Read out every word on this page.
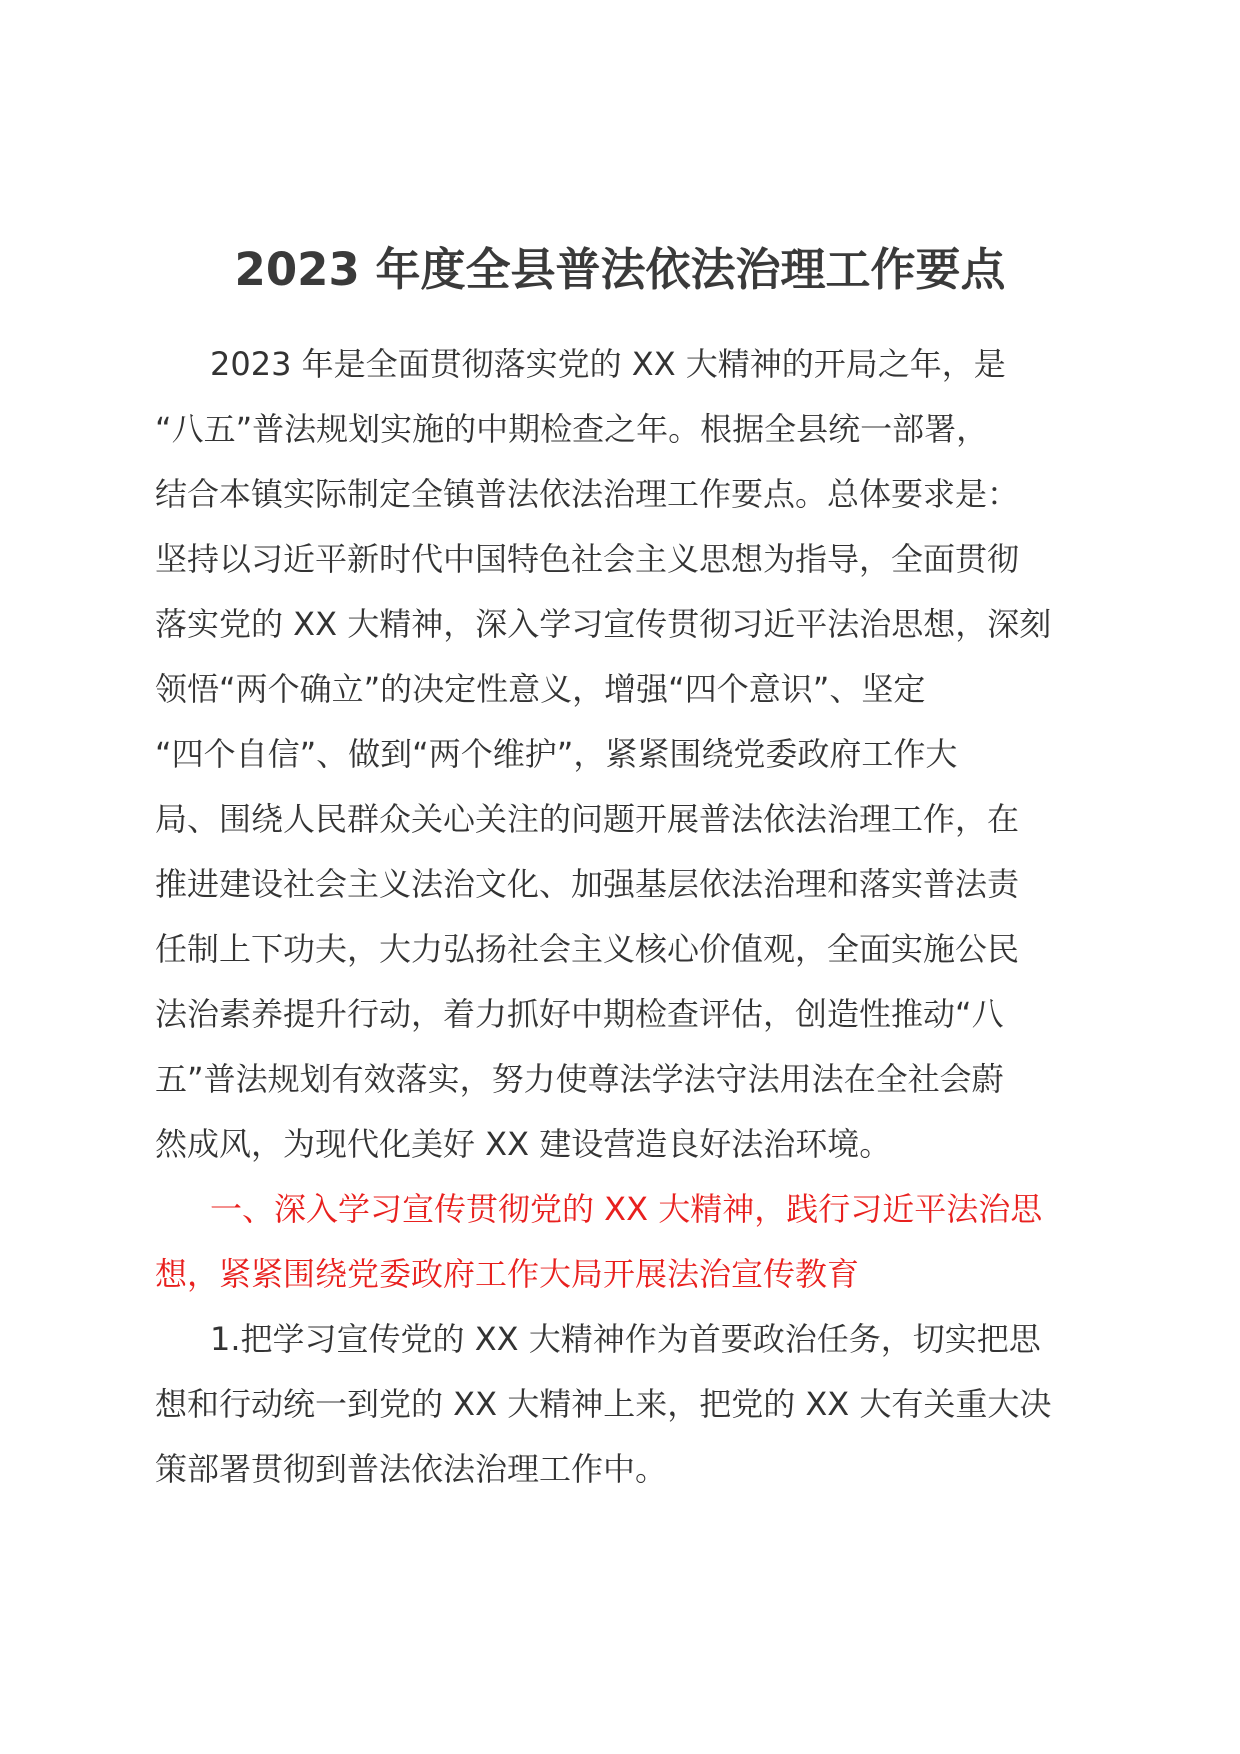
2023 年度全县普法依法治理工作要点
2023 年是全面贯彻落实党的 XX 大精神的开局之年，是
“八五”普法规划实施的中期检查之年。根据全县统一部署，
结合本镇实际制定全镇普法依法治理工作要点。总体要求是：
坚持以习近平新时代中国特色社会主义思想为指导，全面贯彻
落实党的 XX 大精神，深入学习宣传贯彻习近平法治思想，深刻
领悟“两个确立”的决定性意义，增强“四个意识”、坚定
“四个自信”、做到“两个维护”，紧紧围绕党委政府工作大
局、围绕人民群众关心关注的问题开展普法依法治理工作，在
推进建设社会主义法治文化、加强基层依法治理和落实普法责
任制上下功夫，大力弘扬社会主义核心价值观，全面实施公民
法治素养提升行动，着力抓好中期检查评估，创造性推动“八
五”普法规划有效落实，努力使尊法学法守法用法在全社会蔚
然成风，为现代化美好 XX 建设营造良好法治环境。
一、深入学习宣传贯彻党的 XX 大精神，践行习近平法治思
想，紧紧围绕党委政府工作大局开展法治宣传教育
1.把学习宣传党的 XX 大精神作为首要政治任务，切实把思
想和行动统一到党的 XX 大精神上来，把党的 XX 大有关重大决
策部署贯彻到普法依法治理工作中。
